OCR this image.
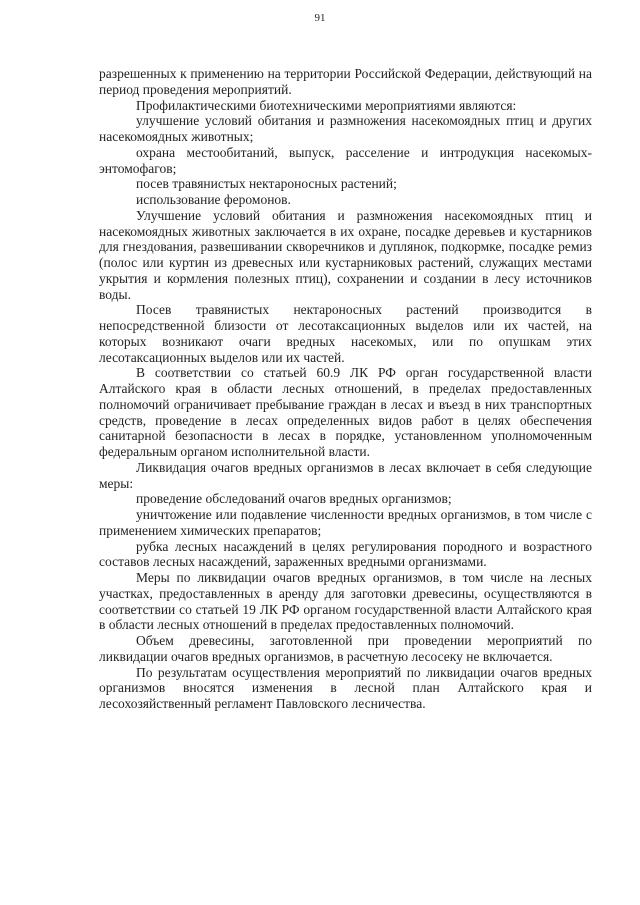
91

разрешенных к применению на территории Российской Федерации, действующий на период проведения мероприятий.

Профилактическими биотехническими мероприятиями являются:

улучшение условий обитания и размножения насекомоядных птиц и других насекомоядных животных;

охрана местообитаний, выпуск, расселение и интродукция насекомых-энтомофагов;

посев травянистых нектароносных растений;

использование феромонов.

Улучшение условий обитания и размножения насекомоядных птиц и насекомоядных животных заключается в их охране, посадке деревьев и кустарников для гнездования, развешивании скворечников и дуплянок, подкормке, посадке ремиз (полос или куртин из древесных или кустарниковых растений, служащих местами укрытия и кормления полезных птиц), сохранении и создании в лесу источников воды.

Посев травянистых нектароносных растений производится в непосредственной близости от лесотаксационных выделов или их частей, на которых возникают очаги вредных насекомых, или по опушкам этих лесотаксационных выделов или их частей.

В соответствии со статьей 60.9 ЛК РФ орган государственной власти Алтайского края в области лесных отношений, в пределах предоставленных полномочий ограничивает пребывание граждан в лесах и въезд в них транспортных средств, проведение в лесах определенных видов работ в целях обеспечения санитарной безопасности в лесах в порядке, установленном уполномоченным федеральным органом исполнительной власти.

Ликвидация очагов вредных организмов в лесах включает в себя следующие меры:

проведение обследований очагов вредных организмов;

уничтожение или подавление численности вредных организмов, в том числе с применением химических препаратов;

рубка лесных насаждений в целях регулирования породного и возрастного составов лесных насаждений, зараженных вредными организмами.

Меры по ликвидации очагов вредных организмов, в том числе на лесных участках, предоставленных в аренду для заготовки древесины, осуществляются в соответствии со статьей 19 ЛК РФ органом государственной власти Алтайского края в области лесных отношений в пределах предоставленных полномочий.

Объем древесины, заготовленной при проведении мероприятий по ликвидации очагов вредных организмов, в расчетную лесосеку не включается.

По результатам осуществления мероприятий по ликвидации очагов вредных организмов вносятся изменения в лесной план Алтайского края и лесохозяйственный регламент Павловского лесничества.
